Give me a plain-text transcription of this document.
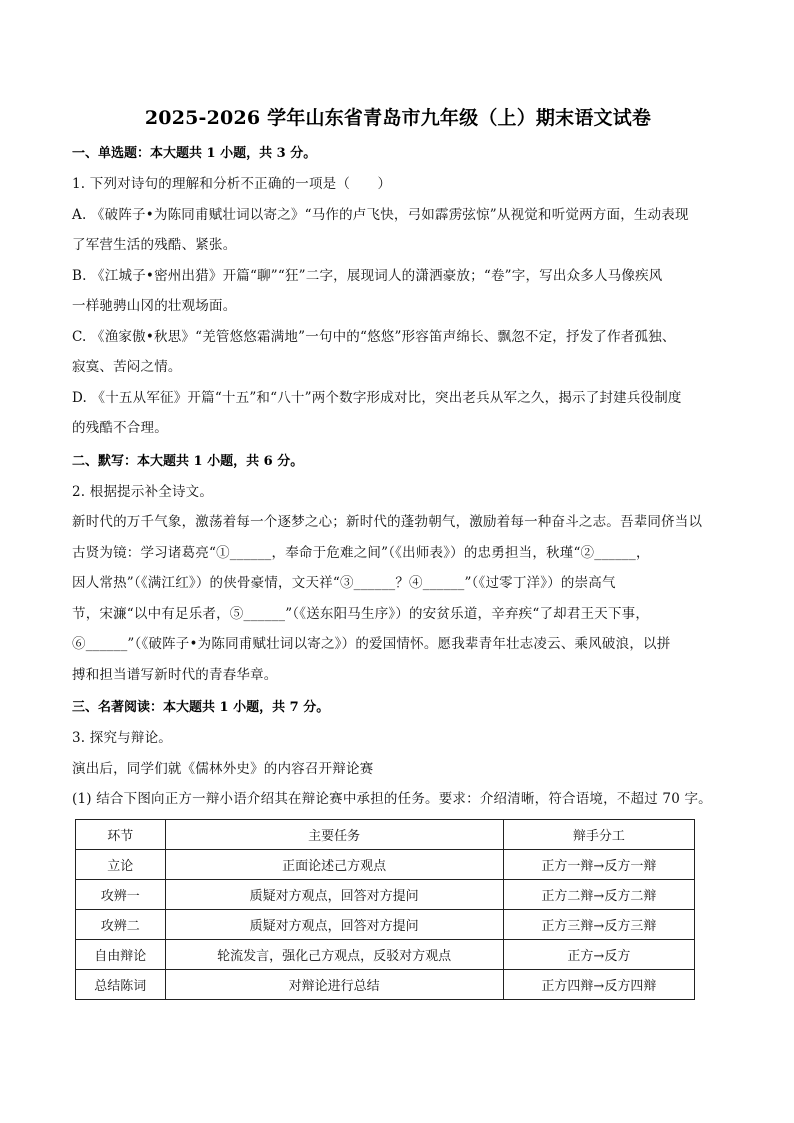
2025-2026 学年山东省青岛市九年级（上）期末语文试卷
一、单选题：本大题共 1 小题，共 3 分。

1. 下列对诗句的理解和分析不正确的一项是（　　）

A. 《破阵子•为陈同甫赋壮词以寄之》“马作的卢飞快，弓如霹雳弦惊”从视觉和听觉两方面，生动表现

了军营生活的残酷、紧张。

B. 《江城子•密州出猎》开篇“聊”“狂”二字，展现词人的潇洒豪放；“卷”字，写出众多人马像疾风

一样驰骋山冈的壮观场面。

C. 《渔家傲•秋思》“羌管悠悠霜满地”一句中的“悠悠”形容笛声绵长、飘忽不定，抒发了作者孤独、

寂寞、苦闷之情。

D. 《十五从军征》开篇“十五”和“八十”两个数字形成对比，突出老兵从军之久，揭示了封建兵役制度

的残酷不合理。

二、默写：本大题共 1 小题，共 6 分。

2. 根据提示补全诗文。

新时代的万千气象，激荡着每一个逐梦之心；新时代的蓬勃朝气，激励着每一种奋斗之志。吾辈同侪当以

古贤为镜：学习诸葛亮“①______，奉命于危难之间”（《出师表》）的忠勇担当，秋瑾“②______，

因人常热”（《满江红》）的侠骨豪情，文天祥“③______？④______”（《过零丁洋》）的崇高气

节，宋濂“以中有足乐者，⑤______”（《送东阳马生序》）的安贫乐道，辛弃疾“了却君王天下事，

⑥______”（《破阵子•为陈同甫赋壮词以寄之》）的爱国情怀。愿我辈青年壮志凌云、乘风破浪，以拼

搏和担当谱写新时代的青春华章。

三、名著阅读：本大题共 1 小题，共 7 分。

3. 探究与辩论。

演出后，同学们就《儒林外史》的内容召开辩论赛

(1) 结合下图向正方一辩小语介绍其在辩论赛中承担的任务。要求：介绍清晰，符合语境，不超过 70 字。

环节	主要任务	辩手分工
立论	正面论述己方观点	正方一辩→反方一辩
攻辨一	质疑对方观点，回答对方提问	正方二辩→反方二辩
攻辨二	质疑对方观点，回答对方提问	正方三辩→反方三辩
自由辩论	轮流发言，强化己方观点，反驳对方观点	正方→反方
总结陈词	对辩论进行总结	正方四辩→反方四辩
